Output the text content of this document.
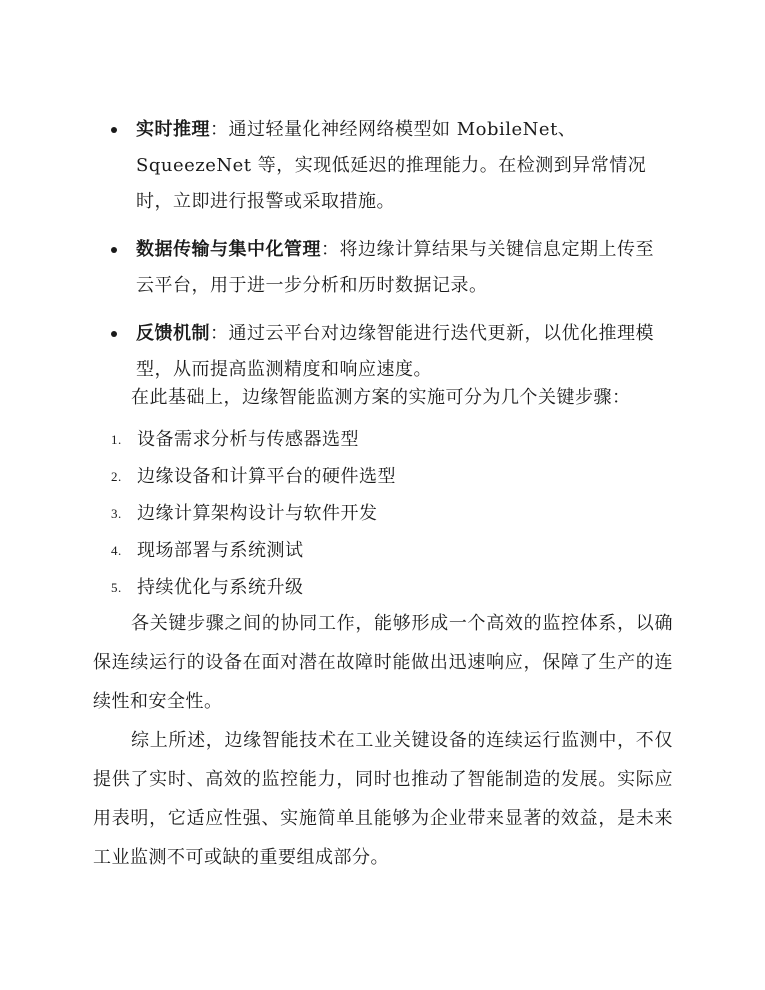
实时推理：通过轻量化神经网络模型如 MobileNet、SqueezeNet 等，实现低延迟的推理能力。在检测到异常情况时，立即进行报警或采取措施。
数据传输与集中化管理：将边缘计算结果与关键信息定期上传至云平台，用于进一步分析和历时数据记录。
反馈机制：通过云平台对边缘智能进行迭代更新，以优化推理模型，从而提高监测精度和响应速度。
在此基础上，边缘智能监测方案的实施可分为几个关键步骤：
1. 设备需求分析与传感器选型
2. 边缘设备和计算平台的硬件选型
3. 边缘计算架构设计与软件开发
4. 现场部署与系统测试
5. 持续优化与系统升级

各关键步骤之间的协同工作，能够形成一个高效的监控体系，以确保连续运行的设备在面对潜在故障时能做出迅速响应，保障了生产的连续性和安全性。

综上所述，边缘智能技术在工业关键设备的连续运行监测中，不仅提供了实时、高效的监控能力，同时也推动了智能制造的发展。实际应用表明，它适应性强、实施简单且能够为企业带来显著的效益，是未来工业监测不可或缺的重要组成部分。
